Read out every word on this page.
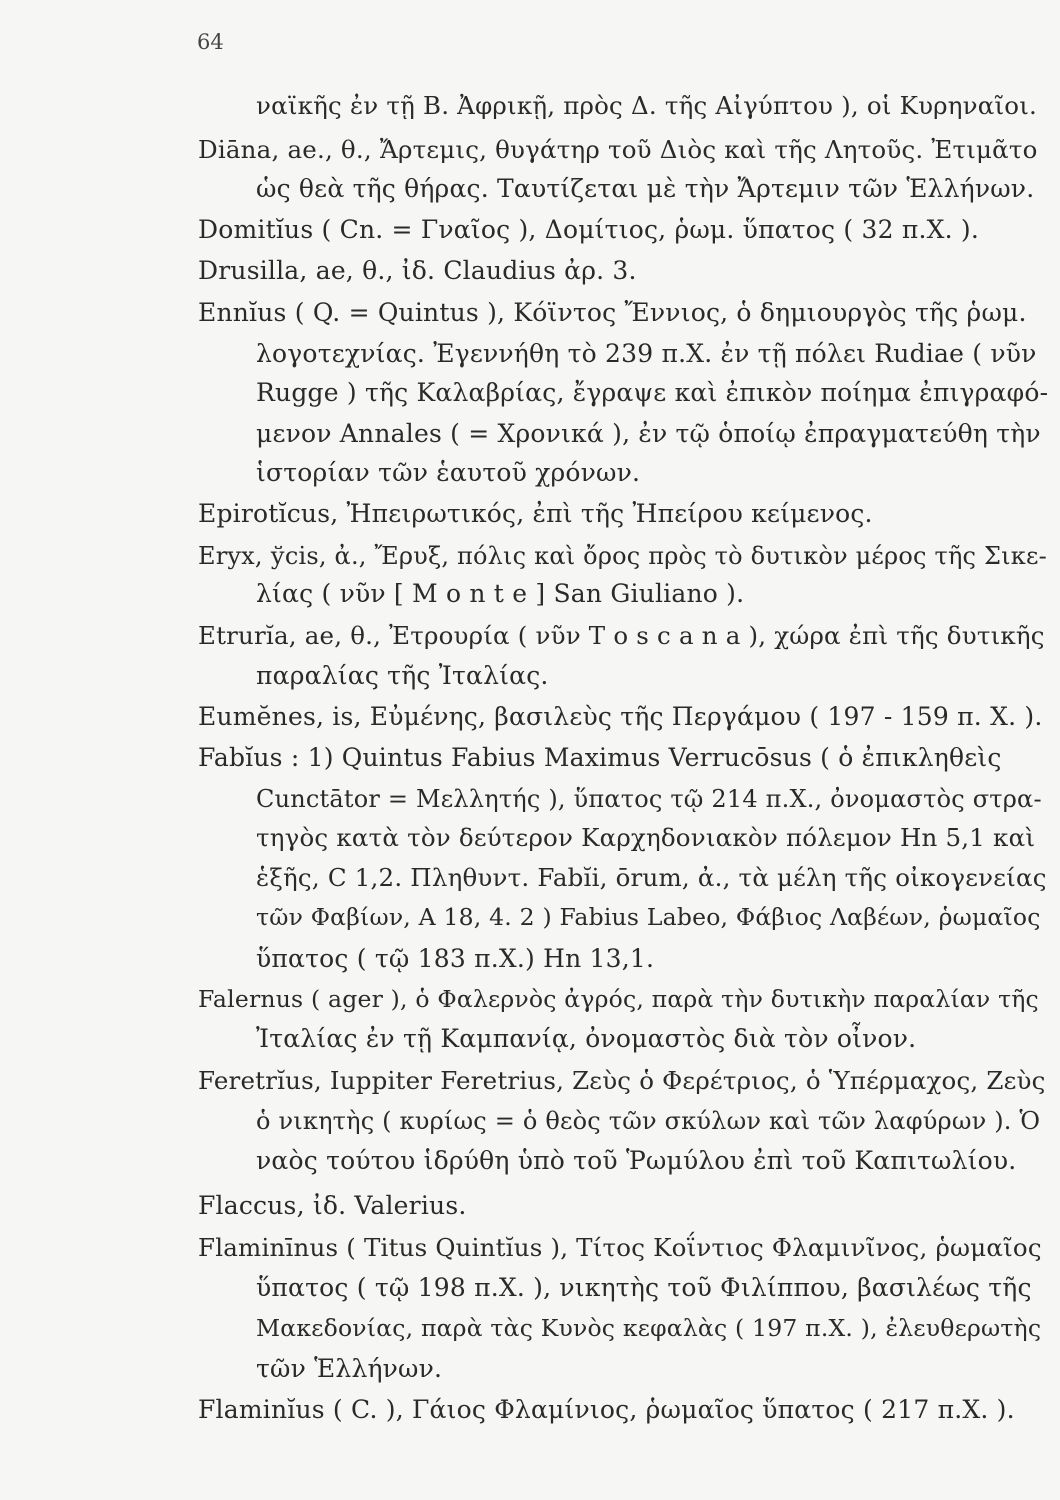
64
ναϊκῆς ἐν τῇ Β. Ἀφρικῇ, πρὸς Δ. τῆς Αἰγύπτου ), οἱ Κυρηναῖοι.
Diāna, ae., θ., Ἄρτεμις, θυγάτηρ τοῦ Διὸς καὶ τῆς Λητοῦς. Ἐτιμᾶτο
ὡς θεὰ τῆς θήρας. Ταυτίζεται μὲ τὴν Ἄρτεμιν τῶν Ἑλλήνων.
Domitĭus ( Cn. = Γναῖος ), Δομίτιος, ῥωμ. ὕπατος ( 32 π.Χ. ).
Drusilla, ae, θ., ἰδ. Claudius ἀρ. 3.
Ennĭus ( Q. = Quintus ), Κόϊντος Ἔννιος, ὁ δημιουργὸς τῆς ῥωμ.
λογοτεχνίας. Ἐγεννήθη τὸ 239 π.Χ. ἐν τῇ πόλει Rudiae ( νῦν
Rugge ) τῆς Καλαβρίας, ἔγραψε καὶ ἐπικὸν ποίημα ἐπιγραφό-
μενον Annales ( = Χρονικά ), ἐν τῷ ὁποίῳ ἐπραγματεύθη τὴν
ἱστορίαν τῶν ἑαυτοῦ χρόνων.
Epirotĭcus, Ἠπειρωτικός, ἐπὶ τῆς Ἠπείρου κείμενος.
Eryx, ўcis, ἀ., Ἔρυξ, πόλις καὶ ὄρος πρὸς τὸ δυτικὸν μέρος τῆς Σικε-
λίας ( νῦν [ M o n t e ] San Giuliano ).
Etrurĭa, ae, θ., Ἐτρουρία ( νῦν T o s c a n a ), χώρα ἐπὶ τῆς δυτικῆς
παραλίας τῆς Ἰταλίας.
Eumĕnes, is, Εὐμένης, βασιλεὺς τῆς Περγάμου ( 197 - 159 π. Χ. ).
Fabĭus : 1) Quintus Fabius Maximus Verrucōsus ( ὁ ἐπικληθεὶς
Cunctātor = Μελλητής ), ὕπατος τῷ 214 π.Χ., ὀνομαστὸς στρα-
τηγὸς κατὰ τὸν δεύτερον Καρχηδονιακὸν πόλεμον Hn 5,1 καὶ
ἑξῆς, C 1,2. Πληθυντ. Fabĭi, ōrum, ἀ., τὰ μέλη τῆς οἰκογενείας
τῶν Φαβίων, A 18, 4. 2 ) Fabius Labeo, Φάβιος Λαβέων, ῥωμαῖος
ὕπατος ( τῷ 183 π.Χ.) Hn 13,1.
Falernus ( ager ), ὁ Φαλερνὸς ἀγρός, παρὰ τὴν δυτικὴν παραλίαν τῆς
Ἰταλίας ἐν τῇ Καμπανίᾳ, ὀνομαστὸς διὰ τὸν οἶνον.
Feretrĭus, Iuppiter Feretrius, Ζεὺς ὁ Φερέτριος, ὁ Ὑπέρμαχος, Ζεὺς
ὁ νικητὴς ( κυρίως = ὁ θεὸς τῶν σκύλων καὶ τῶν λαφύρων ). Ὁ
ναὸς τούτου ἱδρύθη ὑπὸ τοῦ Ῥωμύλου ἐπὶ τοῦ Καπιτωλίου.
Flaccus, ἰδ. Valerius.
Flaminīnus ( Titus Quintĭus ), Τίτος Κοΐντιος Φλαμινῖνος, ῥωμαῖος
ὕπατος ( τῷ 198 π.Χ. ), νικητὴς τοῦ Φιλίππου, βασιλέως τῆς
Μακεδονίας, παρὰ τὰς Κυνὸς κεφαλὰς ( 197 π.Χ. ), ἐλευθερωτὴς
τῶν Ἑλλήνων.
Flaminĭus ( C. ), Γάιος Φλαμίνιος, ῥωμαῖος ὕπατος ( 217 π.Χ. ).
